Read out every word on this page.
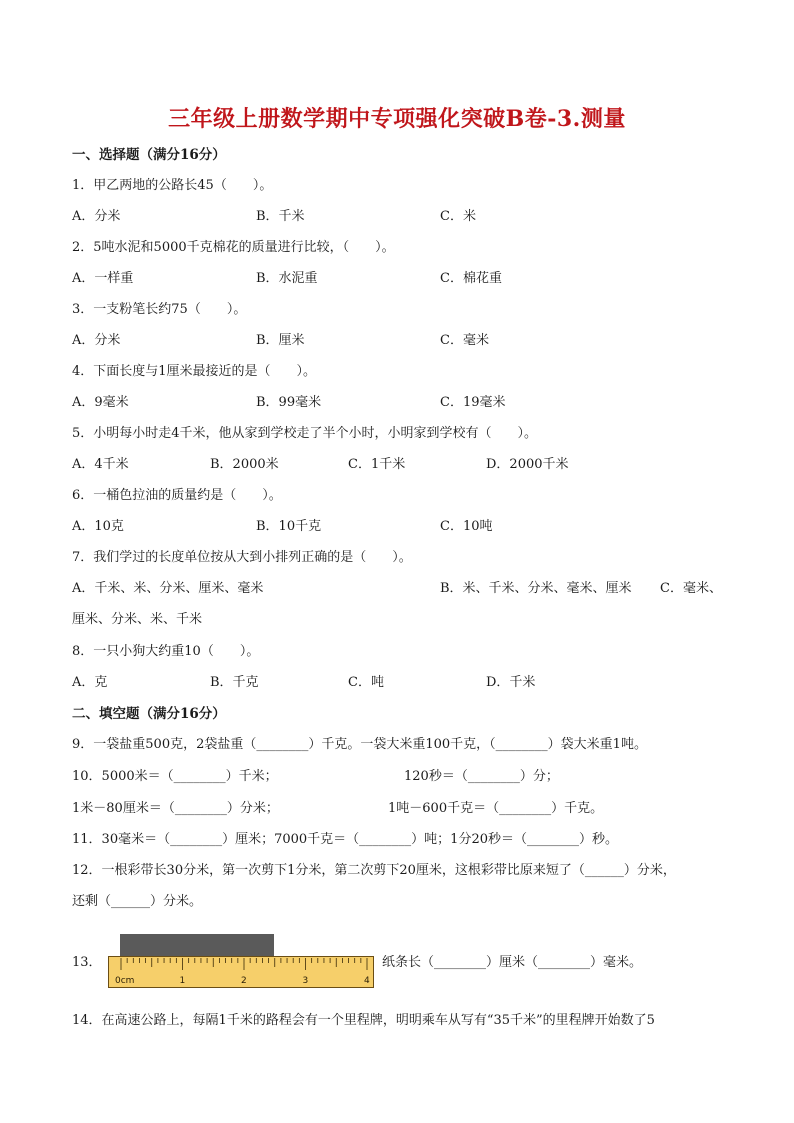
三年级上册数学期中专项强化突破B卷-3.测量
一、选择题（满分16分）
1．甲乙两地的公路长45（　　）。
A．分米	B．千米	C．米
2．5吨水泥和5000千克棉花的质量进行比较，（　　）。
A．一样重	B．水泥重	C．棉花重
3．一支粉笔长约75（　　）。
A．分米	B．厘米	C．毫米
4．下面长度与1厘米最接近的是（　　）。
A．9毫米	B．99毫米	C．19毫米
5．小明每小时走4千米，他从家到学校走了半个小时，小明家到学校有（　　）。
A．4千米	B．2000米	C．1千米	D．2000千米
6．一桶色拉油的质量约是（　　）。
A．10克	B．10千克	C．10吨
7．我们学过的长度单位按从大到小排列正确的是（　　）。
A．千米、米、分米、厘米、毫米	B．米、千米、分米、毫米、厘米 C．毫米、
厘米、分米、米、千米
8．一只小狗大约重10（　　）。
A．克	B．千克	C．吨	D．千米
二、填空题（满分16分）
9．一袋盐重500克，2袋盐重（________）千克。一袋大米重100千克，（________）袋大米重1吨。
10．5000米＝（________）千米；	120秒＝（________）分；
1米－80厘米＝（________）分米；	1吨－600千克＝（________）千克。
11．30毫米＝（________）厘米；7000千克＝（________）吨；1分20秒＝（________）秒。
12．一根彩带长30分米，第一次剪下1分米，第二次剪下20厘米，这根彩带比原来短了（______）分米，
还剩（______）分米。
13．
0cm	1	2	3	4
纸条长（________）厘米（________）毫米。
14．在高速公路上，每隔1千米的路程会有一个里程牌，明明乘车从写有“35千米”的里程牌开始数了5
